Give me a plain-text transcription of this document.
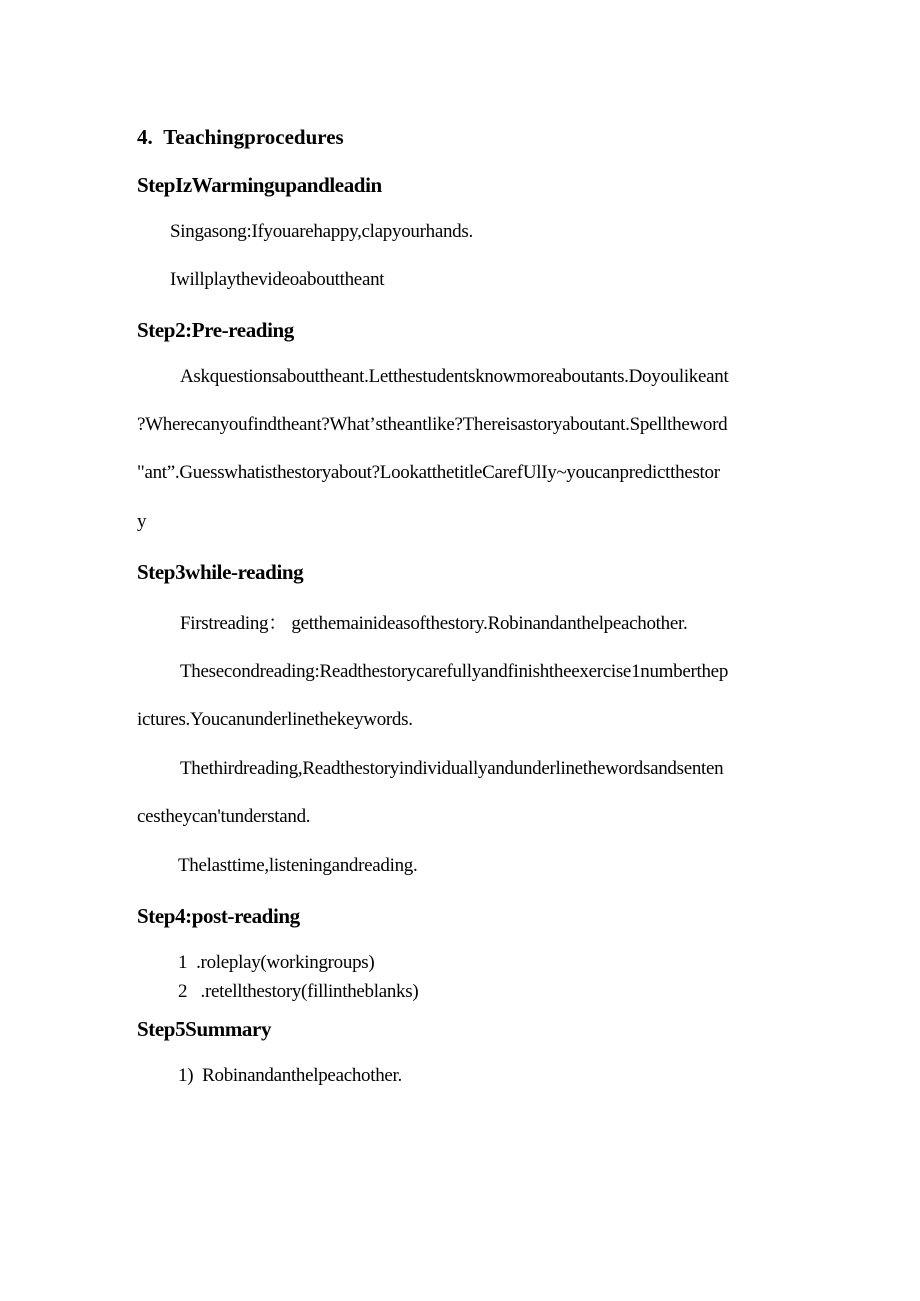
4.  Teachingprocedures
StepIzWarmingupandleadin
Singasong:Ifyouarehappy,clapyourhands.
Iwillplaythevideoabouttheant
Step2:Pre-reading
Askquestionsabouttheant.Letthestudentsknowmoreaboutants.Doyoulikeant
?Wherecanyoufindtheant?Whatʼstheantlike?Thereisastoryaboutant.Spelltheword
"ant”.Guesswhatisthestoryabout?LookatthetitleCarefUlIy~youcanpredictthestor
y
Step3while-reading
Firstreading： getthemainideasofthestory.Robinandanthelpeachother.
Thesecondreading:Readthestorycarefullyandfinishtheexercise1numberthep
ictures.Youcanunderlinethekeywords.
Thethirdreading,Readthestoryindividuallyandunderlinethewordsandsenten
cestheycan'tunderstand.
Thelasttime,listeningandreading.
Step4:post-reading
1  .roleplay(workingroups)
2   .retellthestory(fillintheblanks)
Step5Summary
1)  Robinandanthelpeachother.
